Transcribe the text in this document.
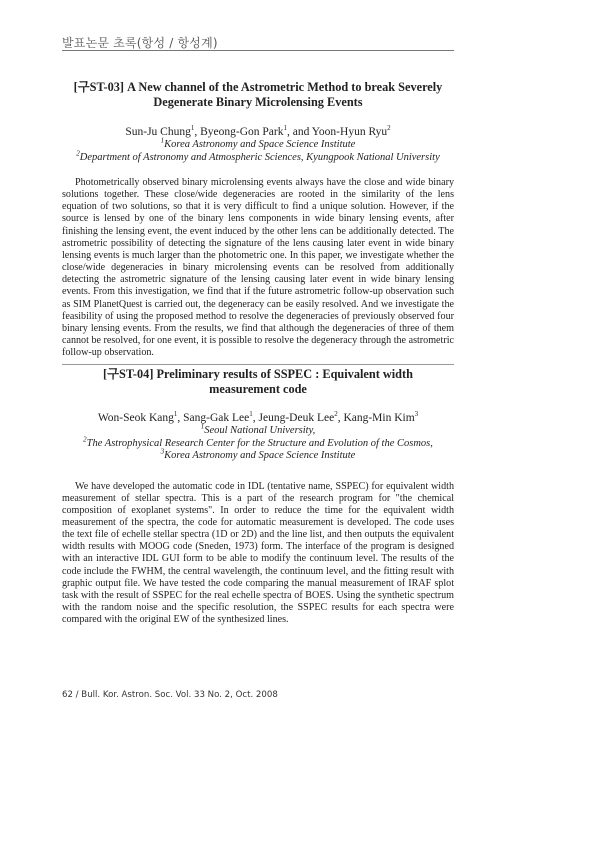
발표논문 초록(항성 / 항성계)
[구ST-03] A New channel of the Astrometric Method to break Severely Degenerate Binary Microlensing Events

Sun-Ju Chung$^1$, Byeong-Gon Park$^1$, and Yoon-Hyun Ryu$^2$

$^1$Korea Astronomy and Space Science Institute

$^2$Department of Astronomy and Atmospheric Sciences, Kyungpook National University

Photometrically observed binary microlensing events always have the close and wide binary solutions together. These close/wide degeneracies are rooted in the similarity of the lens equation of two solutions, so that it is very difficult to find a unique solution. However, if the source is lensed by one of the binary lens components in wide binary lensing events, after finishing the lensing event, the event induced by the other lens can be additionally detected. The astrometric possibility of detecting the signature of the lens causing later event in wide binary lensing events is much larger than the photometric one. In this paper, we investigate whether the close/wide degeneracies in binary microlensing events can be resolved from additionally detecting the astrometric signature of the lensing causing later event in wide binary lensing events. From this investigation, we find that if the future astrometric follow-up observation such as SIM PlanetQuest is carried out, the degeneracy can be easily resolved. And we investigate the feasibility of using the proposed method to resolve the degeneracies of previously observed four binary lensing events. From the results, we find that although the degeneracies of three of them cannot be resolved, for one event, it is possible to resolve the degeneracy through the astrometric follow-up observation.

[구ST-04] Preliminary results of SSPEC : Equivalent width measurement code

Won-Seok Kang$^1$, Sang-Gak Lee$^1$, Jeung-Deuk Lee$^2$, Kang-Min Kim$^3$

$^1$Seoul National University,

$^2$The Astrophysical Research Center for the Structure and Evolution of the Cosmos,

$^3$Korea Astronomy and Space Science Institute

We have developed the automatic code in IDL (tentative name, SSPEC) for equivalent width measurement of stellar spectra. This is a part of the research program for "the chemical composition of exoplanet systems". In order to reduce the time for the equivalent width measurement of the spectra, the code for automatic measurement is developed. The code uses the text file of echelle stellar spectra (1D or 2D) and the line list, and then outputs the equivalent width results with MOOG code (Sneden, 1973) form. The interface of the program is designed with an interactive IDL GUI form to be able to modify the continuum level. The results of the code include the FWHM, the central wavelength, the continuum level, and the fitting result with graphic output file. We have tested the code comparing the manual measurement of IRAF splot task with the result of SSPEC for the real echelle spectra of BOES. Using the synthetic spectrum with the random noise and the specific resolution, the SSPEC results for each spectra were compared with the original EW of the synthesized lines.

62 / Bull. Kor. Astron. Soc. Vol. 33 No. 2, Oct. 2008
